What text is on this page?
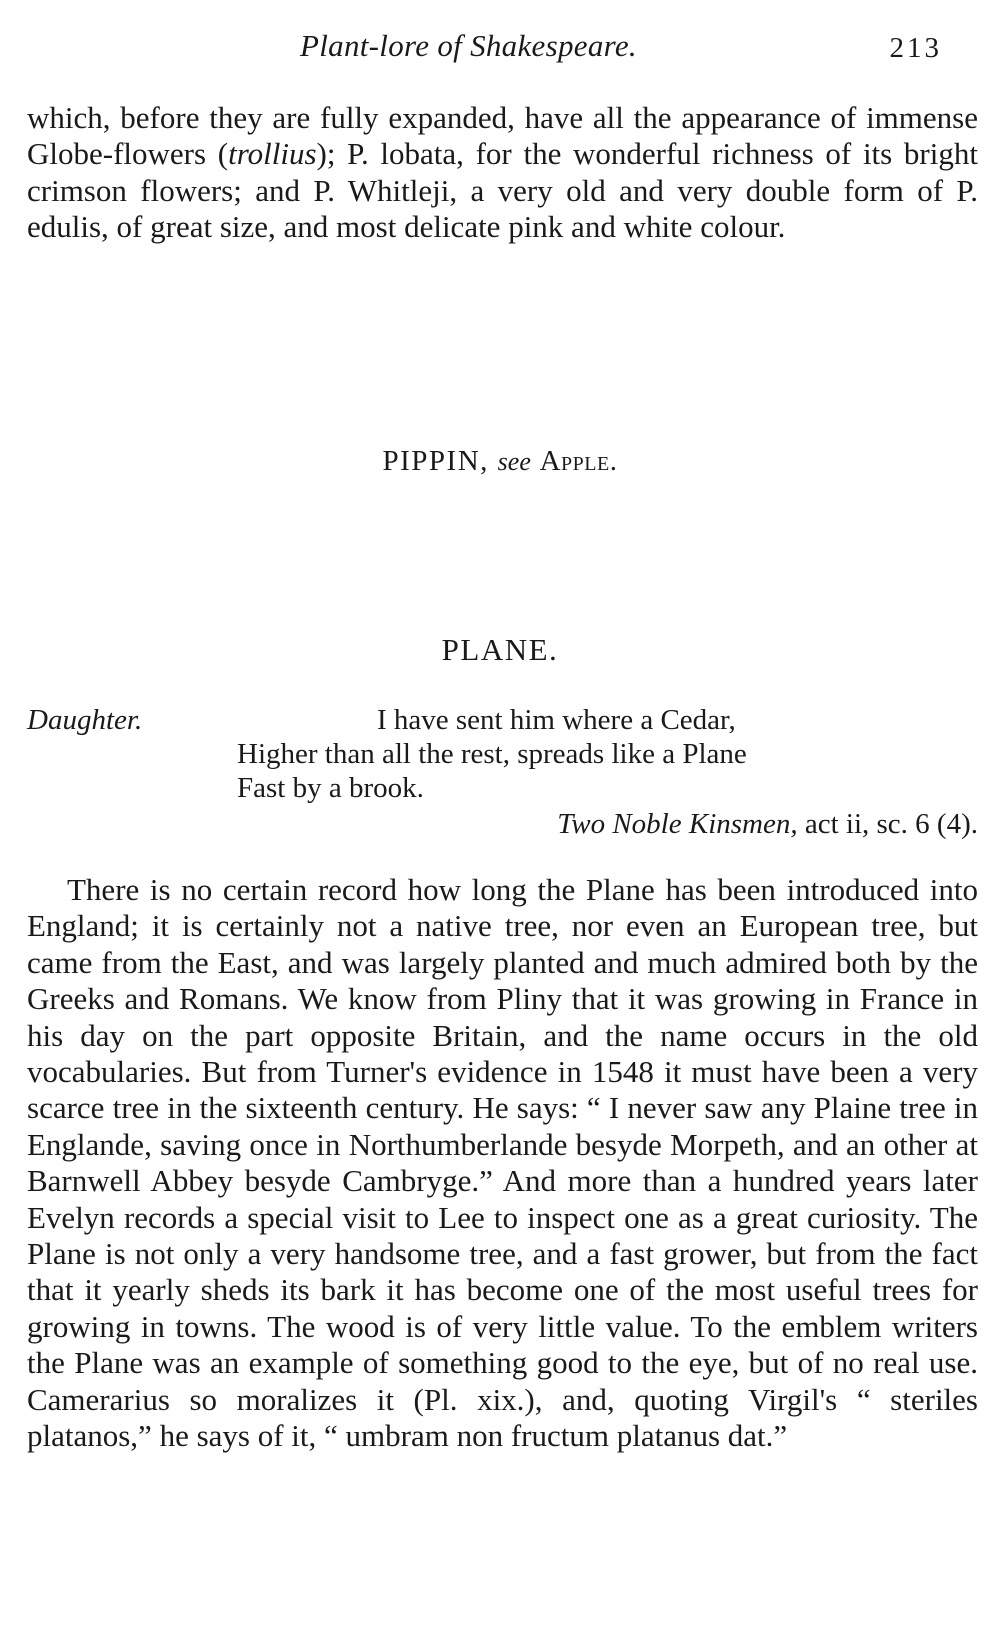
Plant-lore of Shakespeare.	213

which, before they are fully expanded, have all the appearance of immense Globe-flowers (trollius); P. lobata, for the wonderful richness of its bright crimson flowers; and P. Whitleji, a very old and very double form of P. edulis, of great size, and most delicate pink and white colour.

PIPPIN, see Apple.
PLANE.
Daughter.	I have sent him where a Cedar,
Higher than all the rest, spreads like a Plane
Fast by a brook.
Two Noble Kinsmen, act ii, sc. 6 (4).
There is no certain record how long the Plane has been introduced into England; it is certainly not a native tree, nor even an European tree, but came from the East, and was largely planted and much admired both by the Greeks and Romans. We know from Pliny that it was growing in France in his day on the part opposite Britain, and the name occurs in the old vocabularies. But from Turner's evidence in 1548 it must have been a very scarce tree in the sixteenth century. He says: “ I never saw any Plaine tree in Englande, saving once in Northumberlande besyde Morpeth, and an other at Barnwell Abbey besyde Cambryge.” And more than a hundred years later Evelyn records a special visit to Lee to inspect one as a great curiosity. The Plane is not only a very handsome tree, and a fast grower, but from the fact that it yearly sheds its bark it has become one of the most useful trees for growing in towns. The wood is of very little value. To the emblem writers the Plane was an example of something good to the eye, but of no real use. Camerarius so moralizes it (Pl. xix.), and, quoting Virgil's “ steriles platanos,” he says of it, “ umbram non fructum platanus dat.”
